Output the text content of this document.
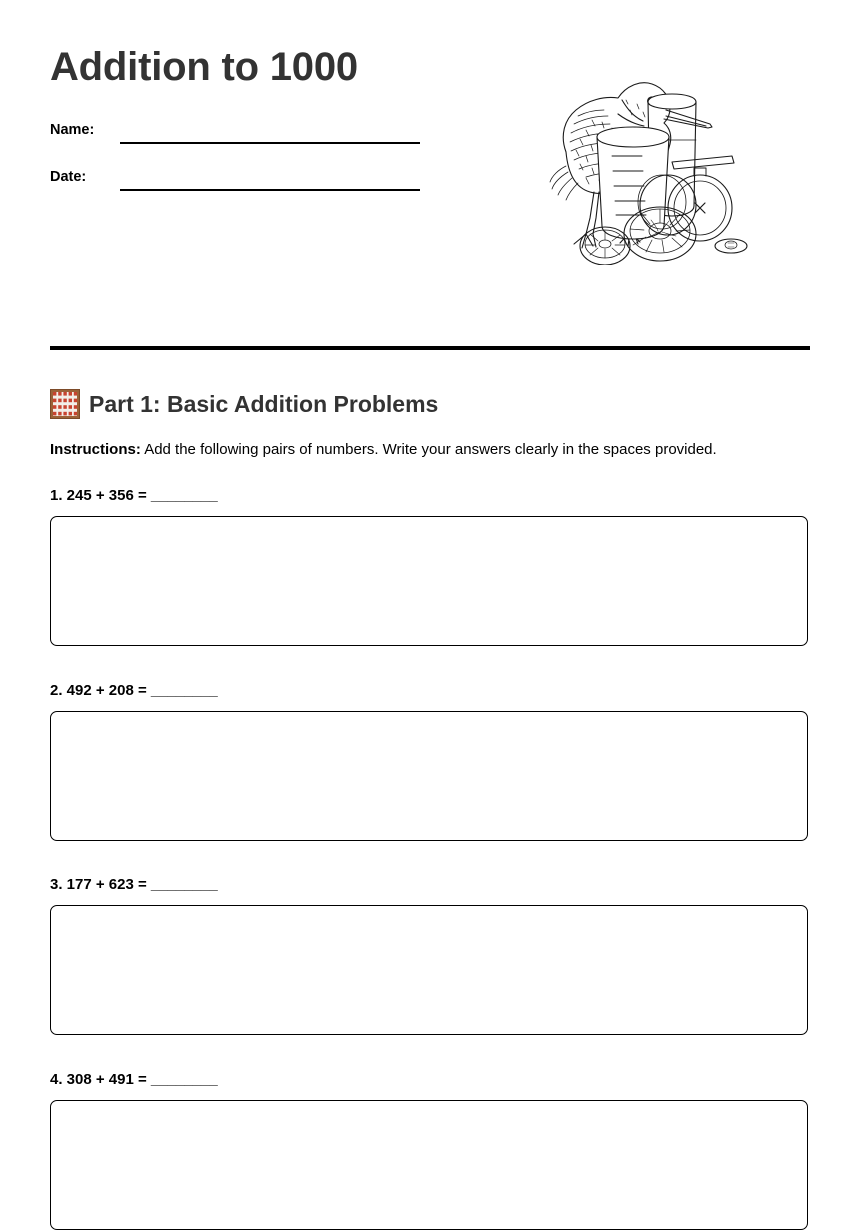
Addition to 1000
Name:
Date:
Part 1: Basic Addition Problems
Instructions: Add the following pairs of numbers. Write your answers clearly in the spaces provided.
1. 245 + 356 = ________
2. 492 + 208 = ________
3. 177 + 623 = ________
4. 308 + 491 = ________
